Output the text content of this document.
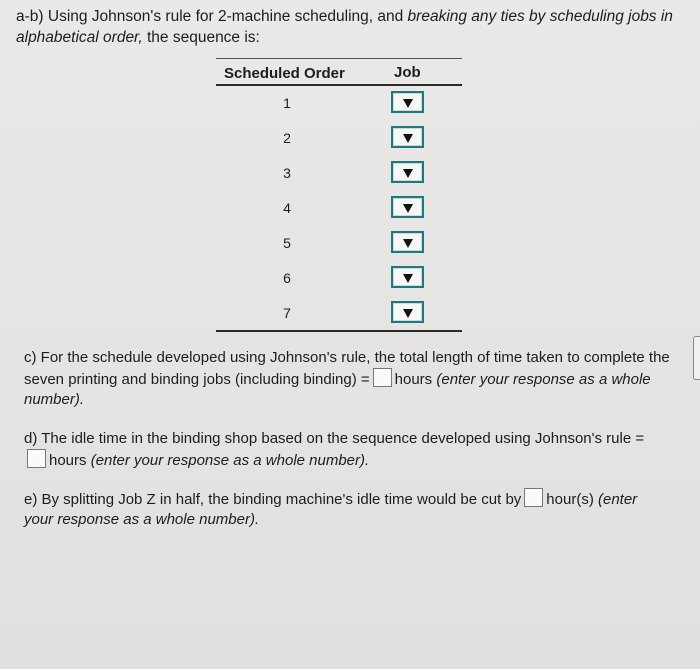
a-b) Using Johnson's rule for 2-machine scheduling, and breaking any ties by scheduling jobs in alphabetical order, the sequence is:
Scheduled Order	Job
1
2
3
4
5
6
7
c) For the schedule developed using Johnson's rule, the total length of time taken to complete the seven printing and binding jobs (including binding) = hours (enter your response as a whole number).
d) The idle time in the binding shop based on the sequence developed using Johnson's rule =hours (enter your response as a whole number).
e) By splitting Job Z in half, the binding machine's idle time would be cut by hour(s) (enter your response as a whole number).
